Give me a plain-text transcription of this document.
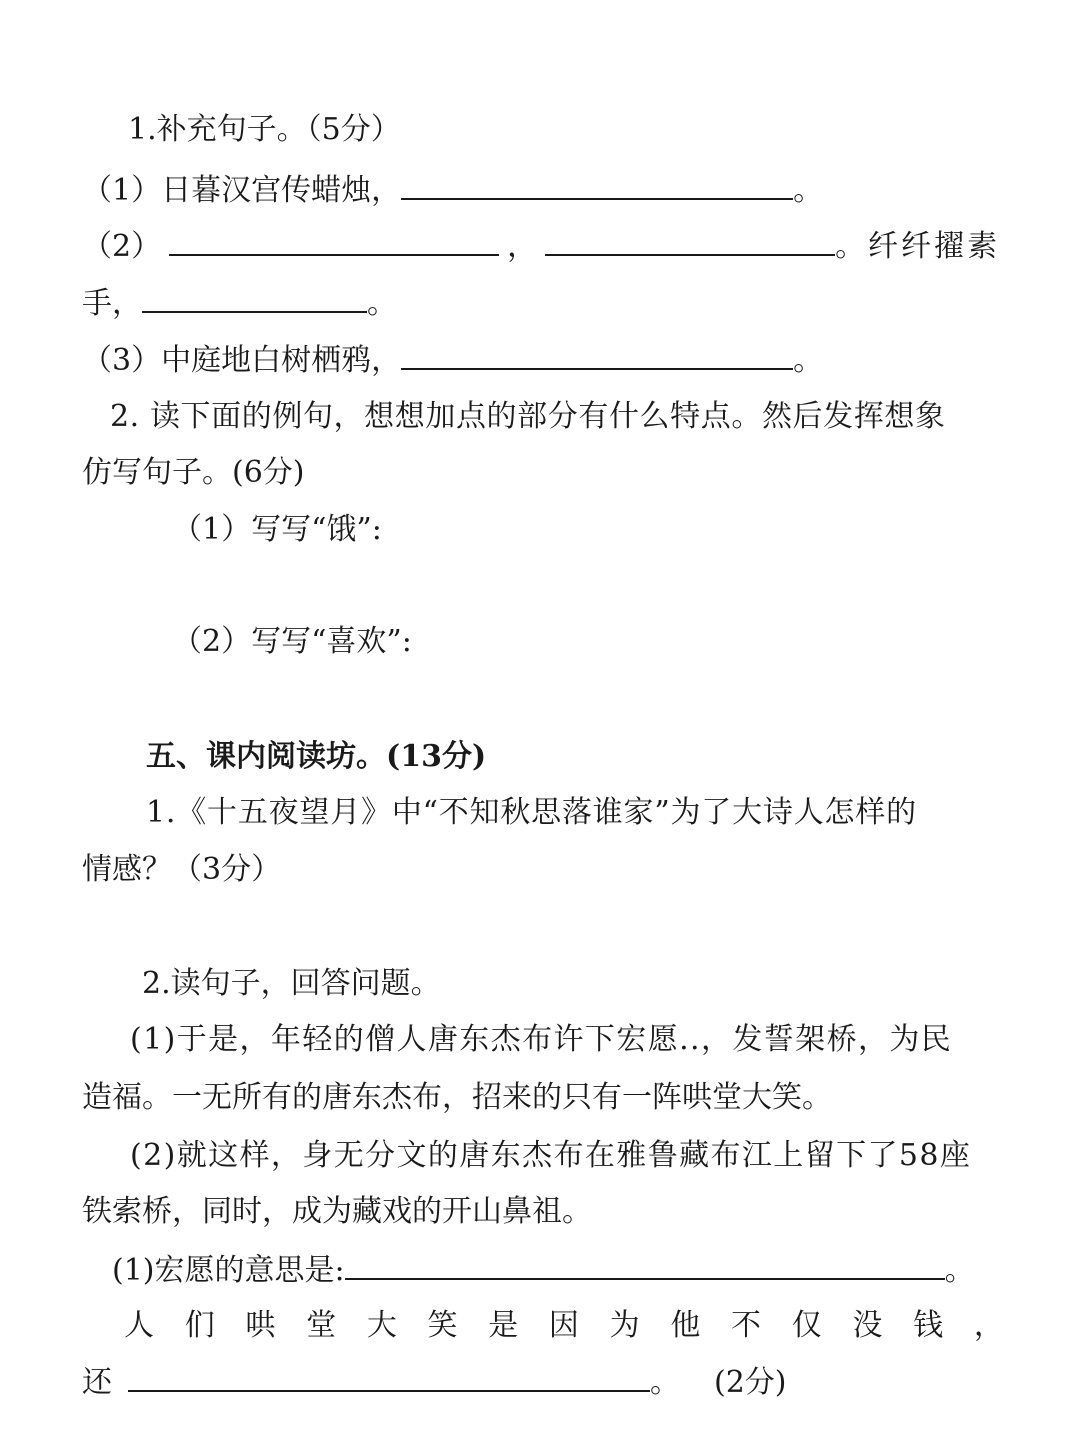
1.补充句子。（5分）
（1）日暮汉宫传蜡烛，	。
（2）	，	。纤纤擢素
手，	。
（3）中庭地白树栖鸦，	。
2. 读下面的例句，想想加点的部分有什么特点。然后发挥想象
仿写句子。(6分)
（1）写写“饿”:
（2）写写“喜欢”:
五、课内阅读坊。(13分)
1.《十五夜望月》中“不知秋思落谁家”为了大诗人怎样的
情感？（3分）
2.读句子，回答问题。
(1)于是，年轻的僧人唐东杰布许下宏愿..，发誓架桥，为民
造福。一无所有的唐东杰布，招来的只有一阵哄堂大笑。
(2)就这样，身无分文的唐东杰布在雅鲁藏布江上留下了58座
铁索桥，同时，成为藏戏的开山鼻祖。
(1)宏愿的意思是:	。
人 们 哄 堂 大 笑 是 因 为 他 不 仅 没 钱 ，
还	。 (2分)
